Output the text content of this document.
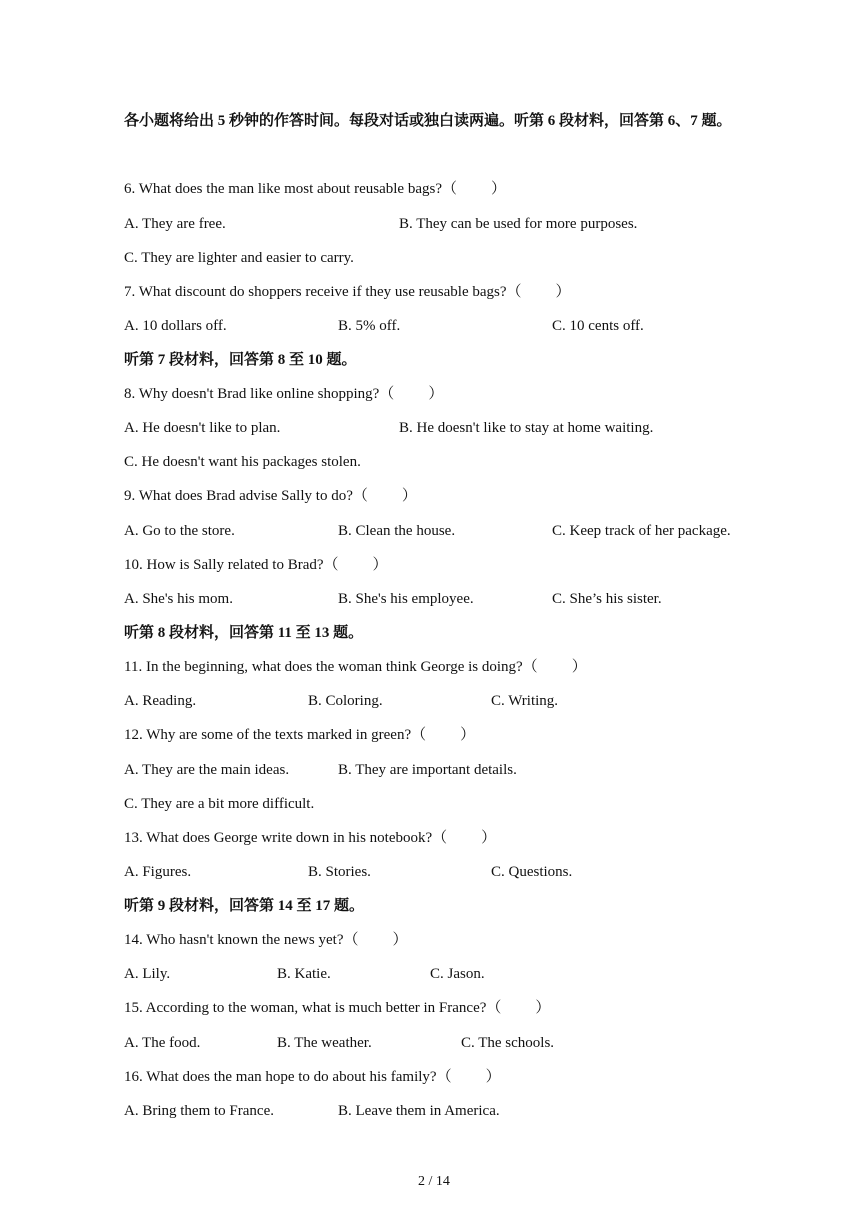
各小题将给出 5 秒钟的作答时间。每段对话或独白读两遍。听第 6 段材料，回答第 6、7 题。
6. What does the man like most about reusable bags?（ ）
A. They are free.	B. They can be used for more purposes.
C. They are lighter and easier to carry.
7. What discount do shoppers receive if they use reusable bags?（ ）
A. 10 dollars off.	B. 5% off.	C. 10 cents off.
听第 7 段材料，回答第 8 至 10 题。
8. Why doesn't Brad like online shopping?（ ）
A. He doesn't like to plan.	B. He doesn't like to stay at home waiting.
C. He doesn't want his packages stolen.
9. What does Brad advise Sally to do?（ ）
A. Go to the store.	B. Clean the house.	C. Keep track of her package.
10. How is Sally related to Brad?（ ）
A. She's his mom.	B. She's his employee.	C. She’s his sister.
听第 8 段材料，回答第 11 至 13 题。
11. In the beginning, what does the woman think George is doing?（ ）
A. Reading.	B. Coloring.	C. Writing.
12. Why are some of the texts marked in green?（ ）
A. They are the main ideas.	B. They are important details.
C. They are a bit more difficult.
13. What does George write down in his notebook?（ ）
A. Figures.	B. Stories.	C. Questions.
听第 9 段材料，回答第 14 至 17 题。
14. Who hasn't known the news yet?（ ）
A. Lily.	B. Katie.	C. Jason.
15. According to the woman, what is much better in France?（ ）
A. The food.	B. The weather.	C. The schools.
16. What does the man hope to do about his family?（ ）
A. Bring them to France.	B. Leave them in America.
2 / 14
